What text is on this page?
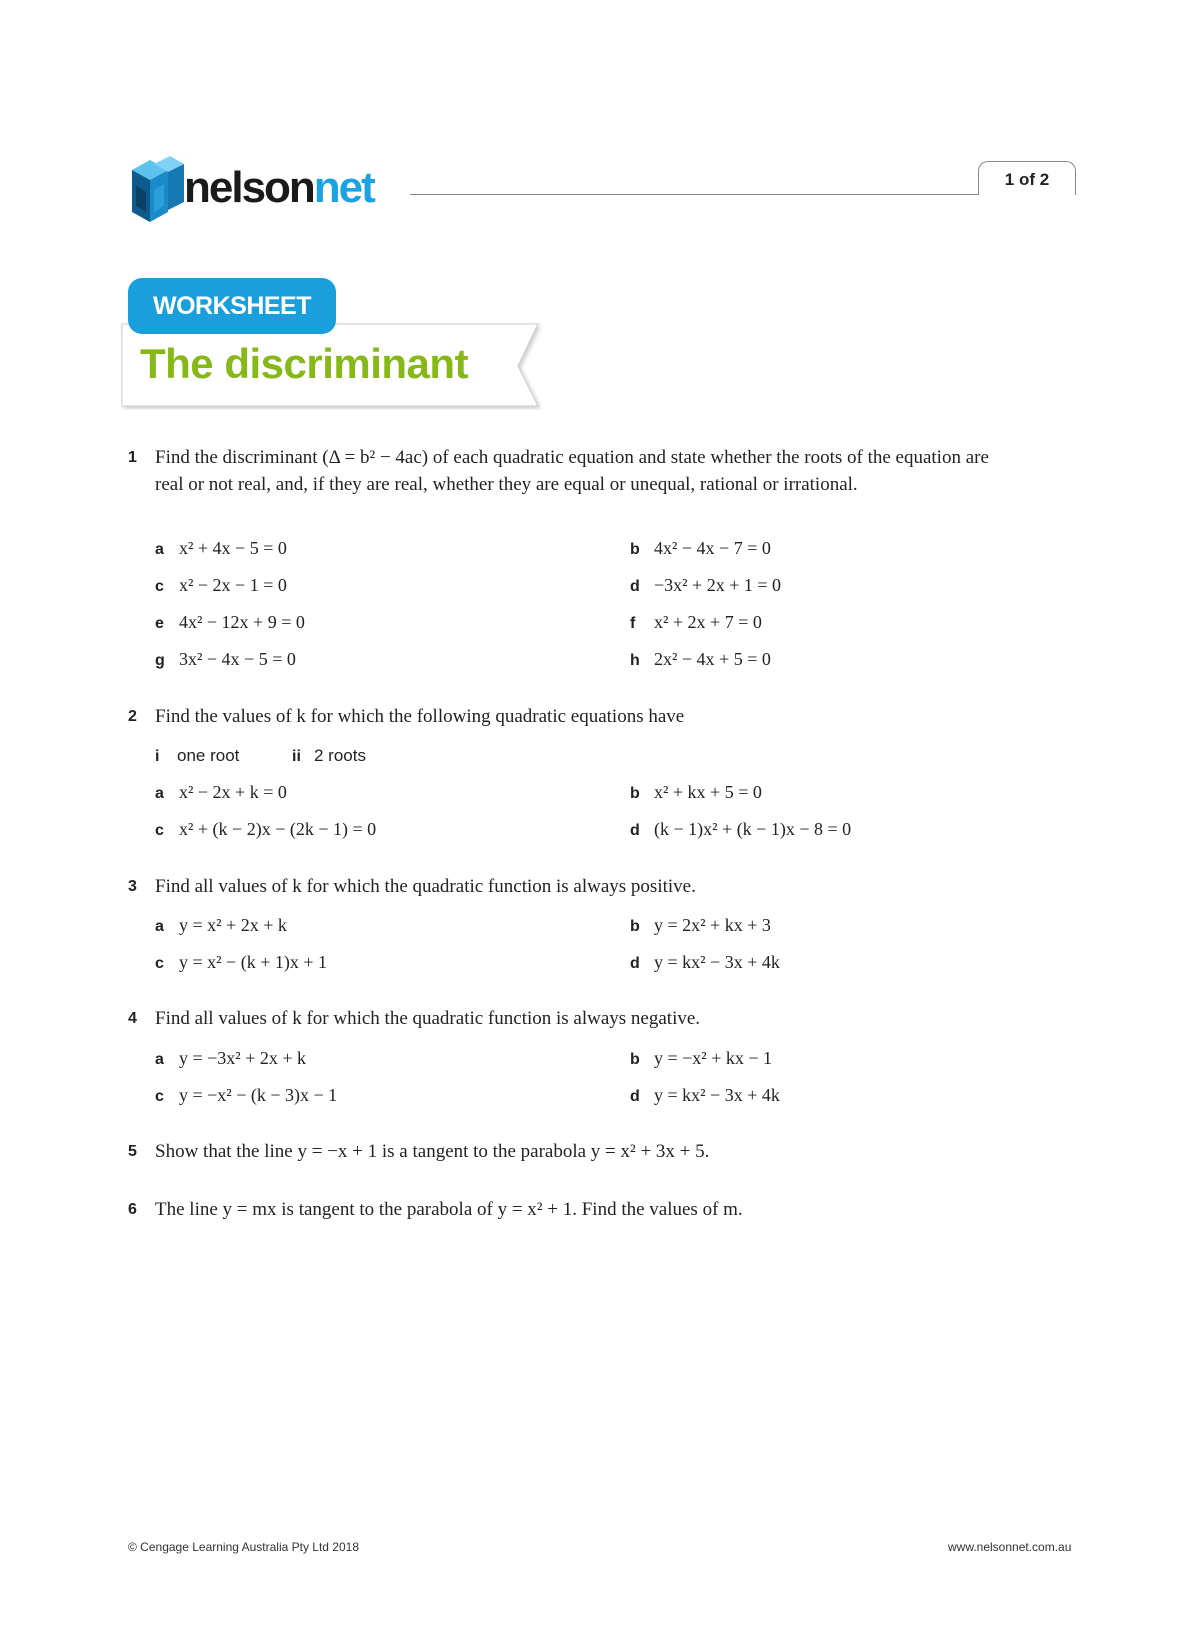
nelsonnet	1 of 2
WORKSHEET
The discriminant
1 Find the discriminant (Δ = b² − 4ac) of each quadratic equation and state whether the roots of the equation are real or not real, and, if they are real, whether they are equal or unequal, rational or irrational.
a x² + 4x − 5 = 0	b 4x² − 4x − 7 = 0
c x² − 2x − 1 = 0	d −3x² + 2x + 1 = 0
e 4x² − 12x + 9 = 0	f x² + 2x + 7 = 0
g 3x² − 4x − 5 = 0	h 2x² − 4x + 5 = 0
2 Find the values of k for which the following quadratic equations have
i one root	ii 2 roots
a x² − 2x + k = 0	b x² + kx + 5 = 0
c x² + (k − 2)x − (2k − 1) = 0	d (k − 1)x² + (k − 1)x − 8 = 0
3 Find all values of k for which the quadratic function is always positive.
a y = x² + 2x + k	b y = 2x² + kx + 3
c y = x² − (k + 1)x + 1	d y = kx² − 3x + 4k
4 Find all values of k for which the quadratic function is always negative.
a y = −3x² + 2x + k	b y = −x² + kx − 1
c y = −x² − (k − 3)x − 1	d y = kx² − 3x + 4k
5 Show that the line y = −x + 1 is a tangent to the parabola y = x² + 3x + 5.
6 The line y = mx is tangent to the parabola of y = x² + 1. Find the values of m.
© Cengage Learning Australia Pty Ltd 2018	www.nelsonnet.com.au
